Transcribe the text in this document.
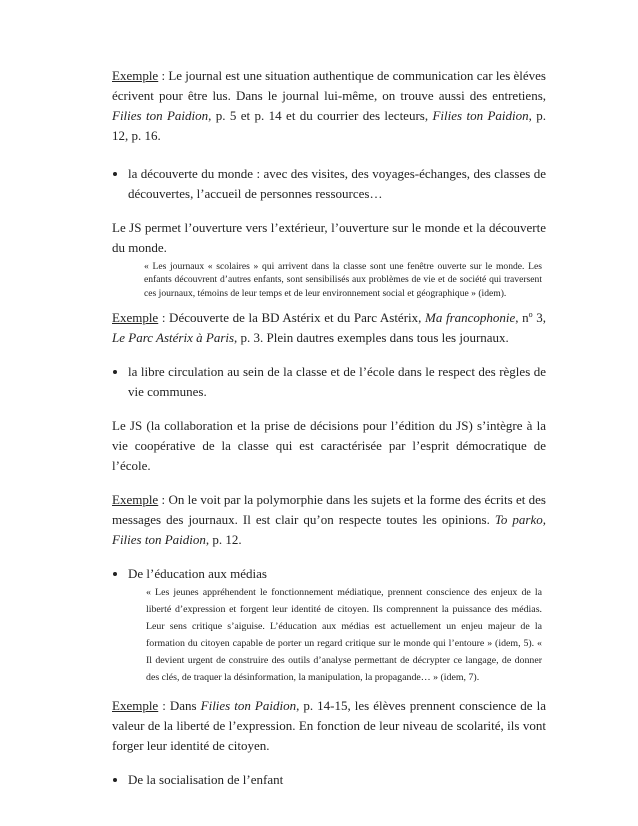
Exemple : Le journal est une situation authentique de communication car les èléves écrivent pour être lus. Dans le journal lui-même, on trouve aussi des entretiens, Filies ton Paidion, p. 5 et p. 14 et du courrier des lecteurs, Filies ton Paidion, p. 12, p. 16.

la découverte du monde : avec des visites, des voyages-échanges, des classes de découvertes, l’accueil de personnes ressources…

Le JS permet l’ouverture vers l’extérieur, l’ouverture sur le monde et la découverte du monde.

« Les journaux « scolaires » qui arrivent dans la classe sont une fenêtre ouverte sur le monde. Les enfants découvrent d’autres enfants, sont sensibilisés aux problèmes de vie et de société qui traversent ces journaux, témoins de leur temps et de leur environnement social et géographique » (idem).

Exemple : Découverte de la BD Astérix et du Parc Astérix, Ma francophonie, $n^o$ 3, Le Parc Astérix à Paris, p. 3. Plein dautres exemples dans tous les journaux.

la libre circulation au sein de la classe et de l’école dans le respect des règles de vie communes.

Le JS (la collaboration et la prise de décisions pour l’édition du JS) s’intègre à la vie coopérative de la classe qui est caractérisée par l’esprit démocratique de l’école.

Exemple : On le voit par la polymorphie dans les sujets et la forme des écrits et des messages des journaux. Il est clair qu’on respecte toutes les opinions. To parko, Filies ton Paidion, p. 12.

De l’éducation aux médias

« Les jeunes appréhendent le fonctionnement médiatique, prennent conscience des enjeux de la liberté d’expression et forgent leur identité de citoyen. Ils comprennent la puissance des médias. Leur sens critique s’aiguise. L’éducation aux médias est actuellement un enjeu majeur de la formation du citoyen capable de porter un regard critique sur le monde qui l’entoure » (idem, 5). « Il devient urgent de construire des outils d’analyse permettant de décrypter ce langage, de donner des clés, de traquer la désinformation, la manipulation, la propagande… » (idem, 7).

Exemple : Dans Filies ton Paidion, p. 14-15, les élèves prennent conscience de la valeur de la liberté de l’expression. En fonction de leur niveau de scolarité, ils vont forger leur identité de citoyen.

De la socialisation de l’enfant
